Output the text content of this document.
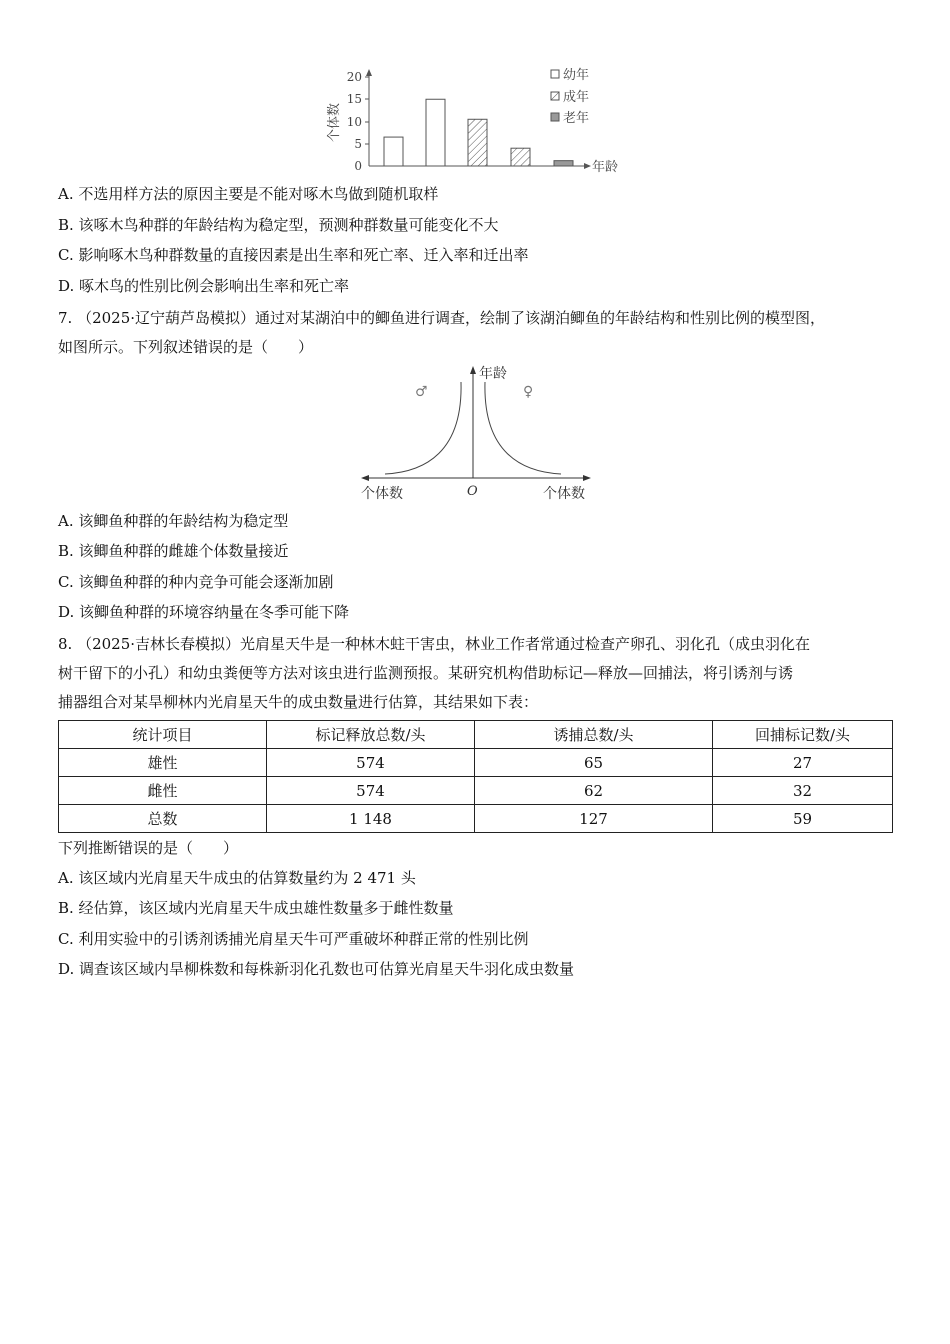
个体数
20
15
10
5
0	年龄
幼年
成年
老年
A. 不选用样方法的原因主要是不能对啄木鸟做到随机取样
B. 该啄木鸟种群的年龄结构为稳定型，预测种群数量可能变化不大
C. 影响啄木鸟种群数量的直接因素是出生率和死亡率、迁入率和迁出率
D. 啄木鸟的性别比例会影响出生率和死亡率
7. （2025·辽宁葫芦岛模拟）通过对某湖泊中的鲫鱼进行调查，绘制了该湖泊鲫鱼的年龄结构和性别比例的模型图，
如图所示。下列叙述错误的是（　　）
年龄
♂	♀
个体数	O	个体数
A. 该鲫鱼种群的年龄结构为稳定型
B. 该鲫鱼种群的雌雄个体数量接近
C. 该鲫鱼种群的种内竞争可能会逐渐加剧
D. 该鲫鱼种群的环境容纳量在冬季可能下降
8. （2025·吉林长春模拟）光肩星天牛是一种林木蛀干害虫，林业工作者常通过检查产卵孔、羽化孔（成虫羽化在
树干留下的小孔）和幼虫粪便等方法对该虫进行监测预报。某研究机构借助标记—释放—回捕法，将引诱剂与诱
捕器组合对某旱柳林内光肩星天牛的成虫数量进行估算，其结果如下表：
统计项目	标记释放总数/头	诱捕总数/头	回捕标记数/头
雄性	574	65	27
雌性	574	62	32
总数	1 148	127	59
下列推断错误的是（　　）
A. 该区域内光肩星天牛成虫的估算数量约为 2 471 头
B. 经估算，该区域内光肩星天牛成虫雄性数量多于雌性数量
C. 利用实验中的引诱剂诱捕光肩星天牛可严重破坏种群正常的性别比例
D. 调查该区域内旱柳株数和每株新羽化孔数也可估算光肩星天牛羽化成虫数量
